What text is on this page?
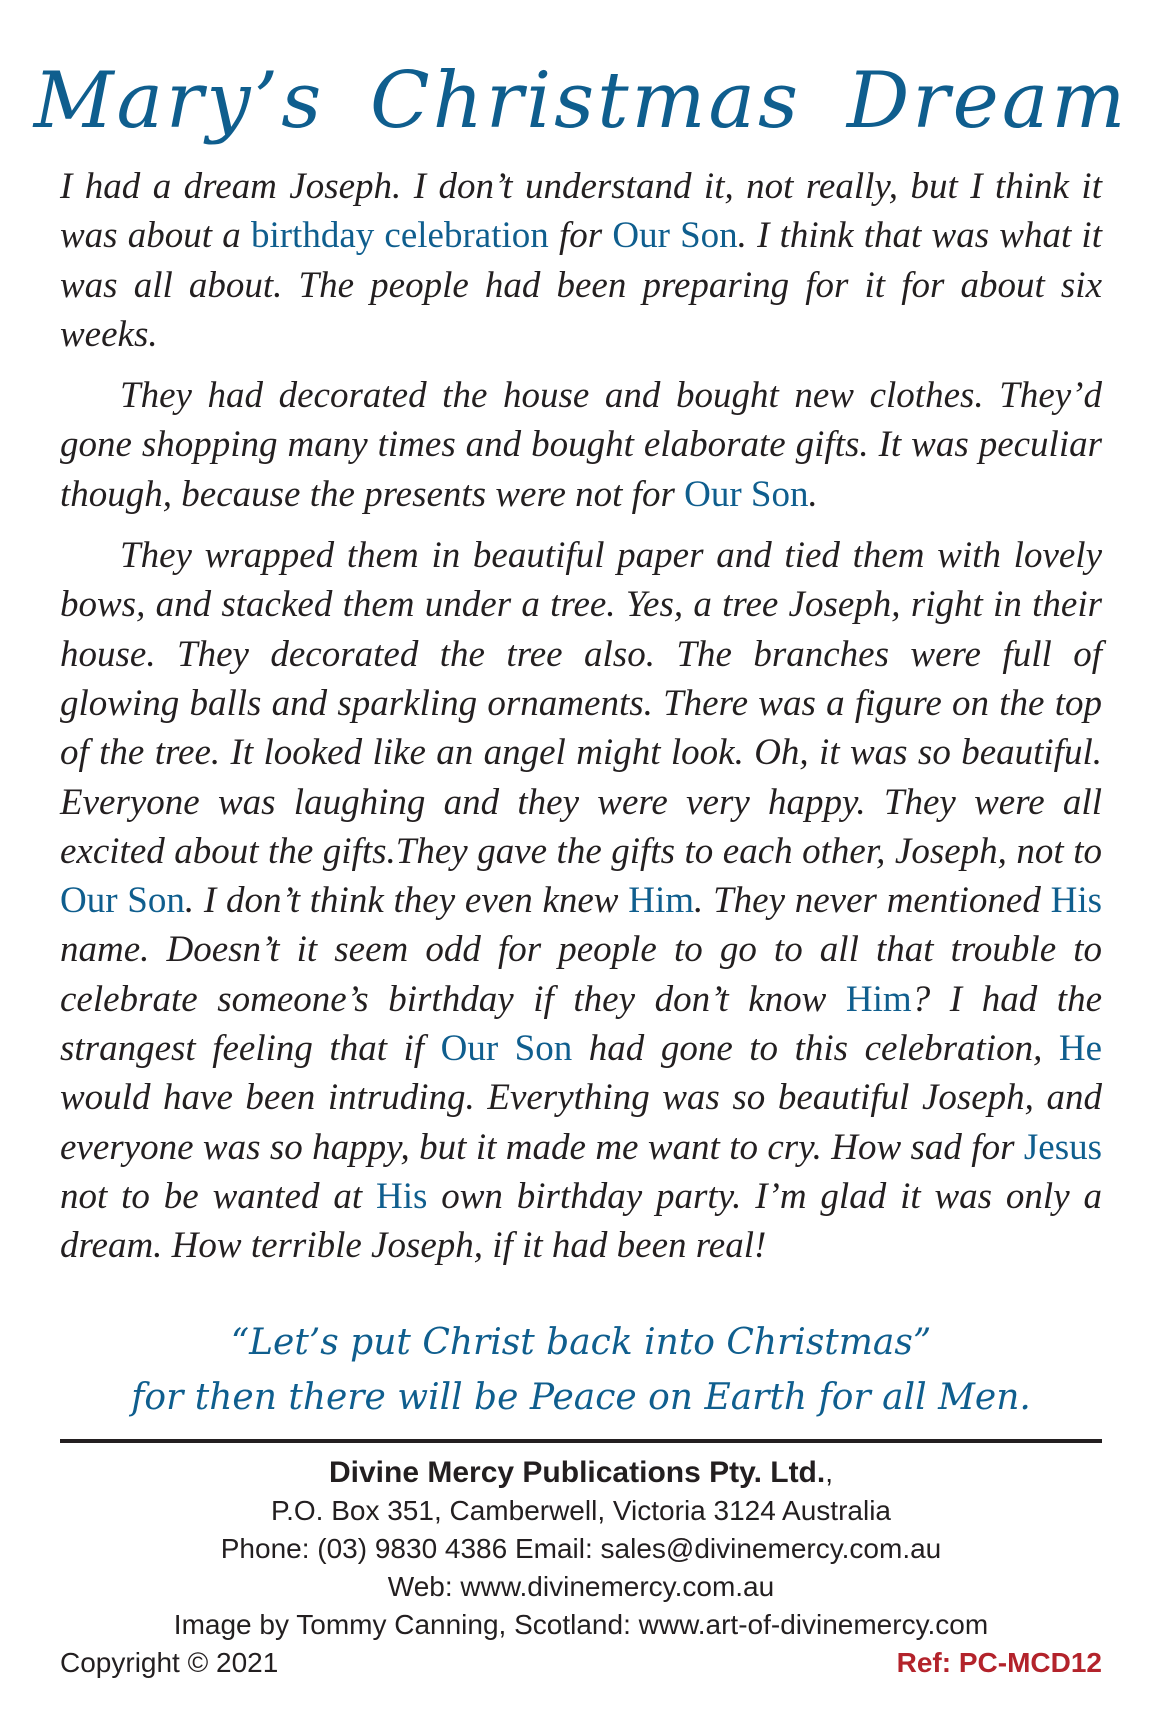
Mary’s Christmas Dream

I had a dream Joseph. I don’t understand it, not really, but I think it was about a birthday celebration for Our Son. I think that was what it was all about. The people had been preparing for it for about six weeks.

They had decorated the house and bought new clothes. They’d gone shopping many times and bought elaborate gifts. It was peculiar though, because the presents were not for Our Son.

They wrapped them in beautiful paper and tied them with lovely bows, and stacked them under a tree. Yes, a tree Joseph, right in their house. They decorated the tree also. The branches were full of glowing balls and sparkling ornaments. There was a figure on the top of the tree. It looked like an angel might look. Oh, it was so beautiful. Everyone was laughing and they were very happy. They were all excited about the gifts.They gave the gifts to each other, Joseph, not to Our Son. I don’t think they even knew Him. They never mentioned His name. Doesn’t it seem odd for people to go to all that trouble to celebrate someone’s birthday if they don’t know Him? I had the strangest feeling that if Our Son had gone to this celebration, He would have been intruding. Everything was so beautiful Joseph, and everyone was so happy, but it made me want to cry. How sad for Jesus not to be wanted at His own birthday party. I’m glad it was only a dream. How terrible Joseph, if it had been real!

“Let’s put Christ back into Christmas”
for then there will be Peace on Earth for all Men.
Divine Mercy Publications Pty. Ltd.,
P.O. Box 351, Camberwell, Victoria 3124 Australia
Phone: (03) 9830 4386 Email: sales@divinemercy.com.au
Web: www.divinemercy.com.au
Image by Tommy Canning, Scotland: www.art-of-divinemercy.com
Copyright © 2021	Ref: PC-MCD12
